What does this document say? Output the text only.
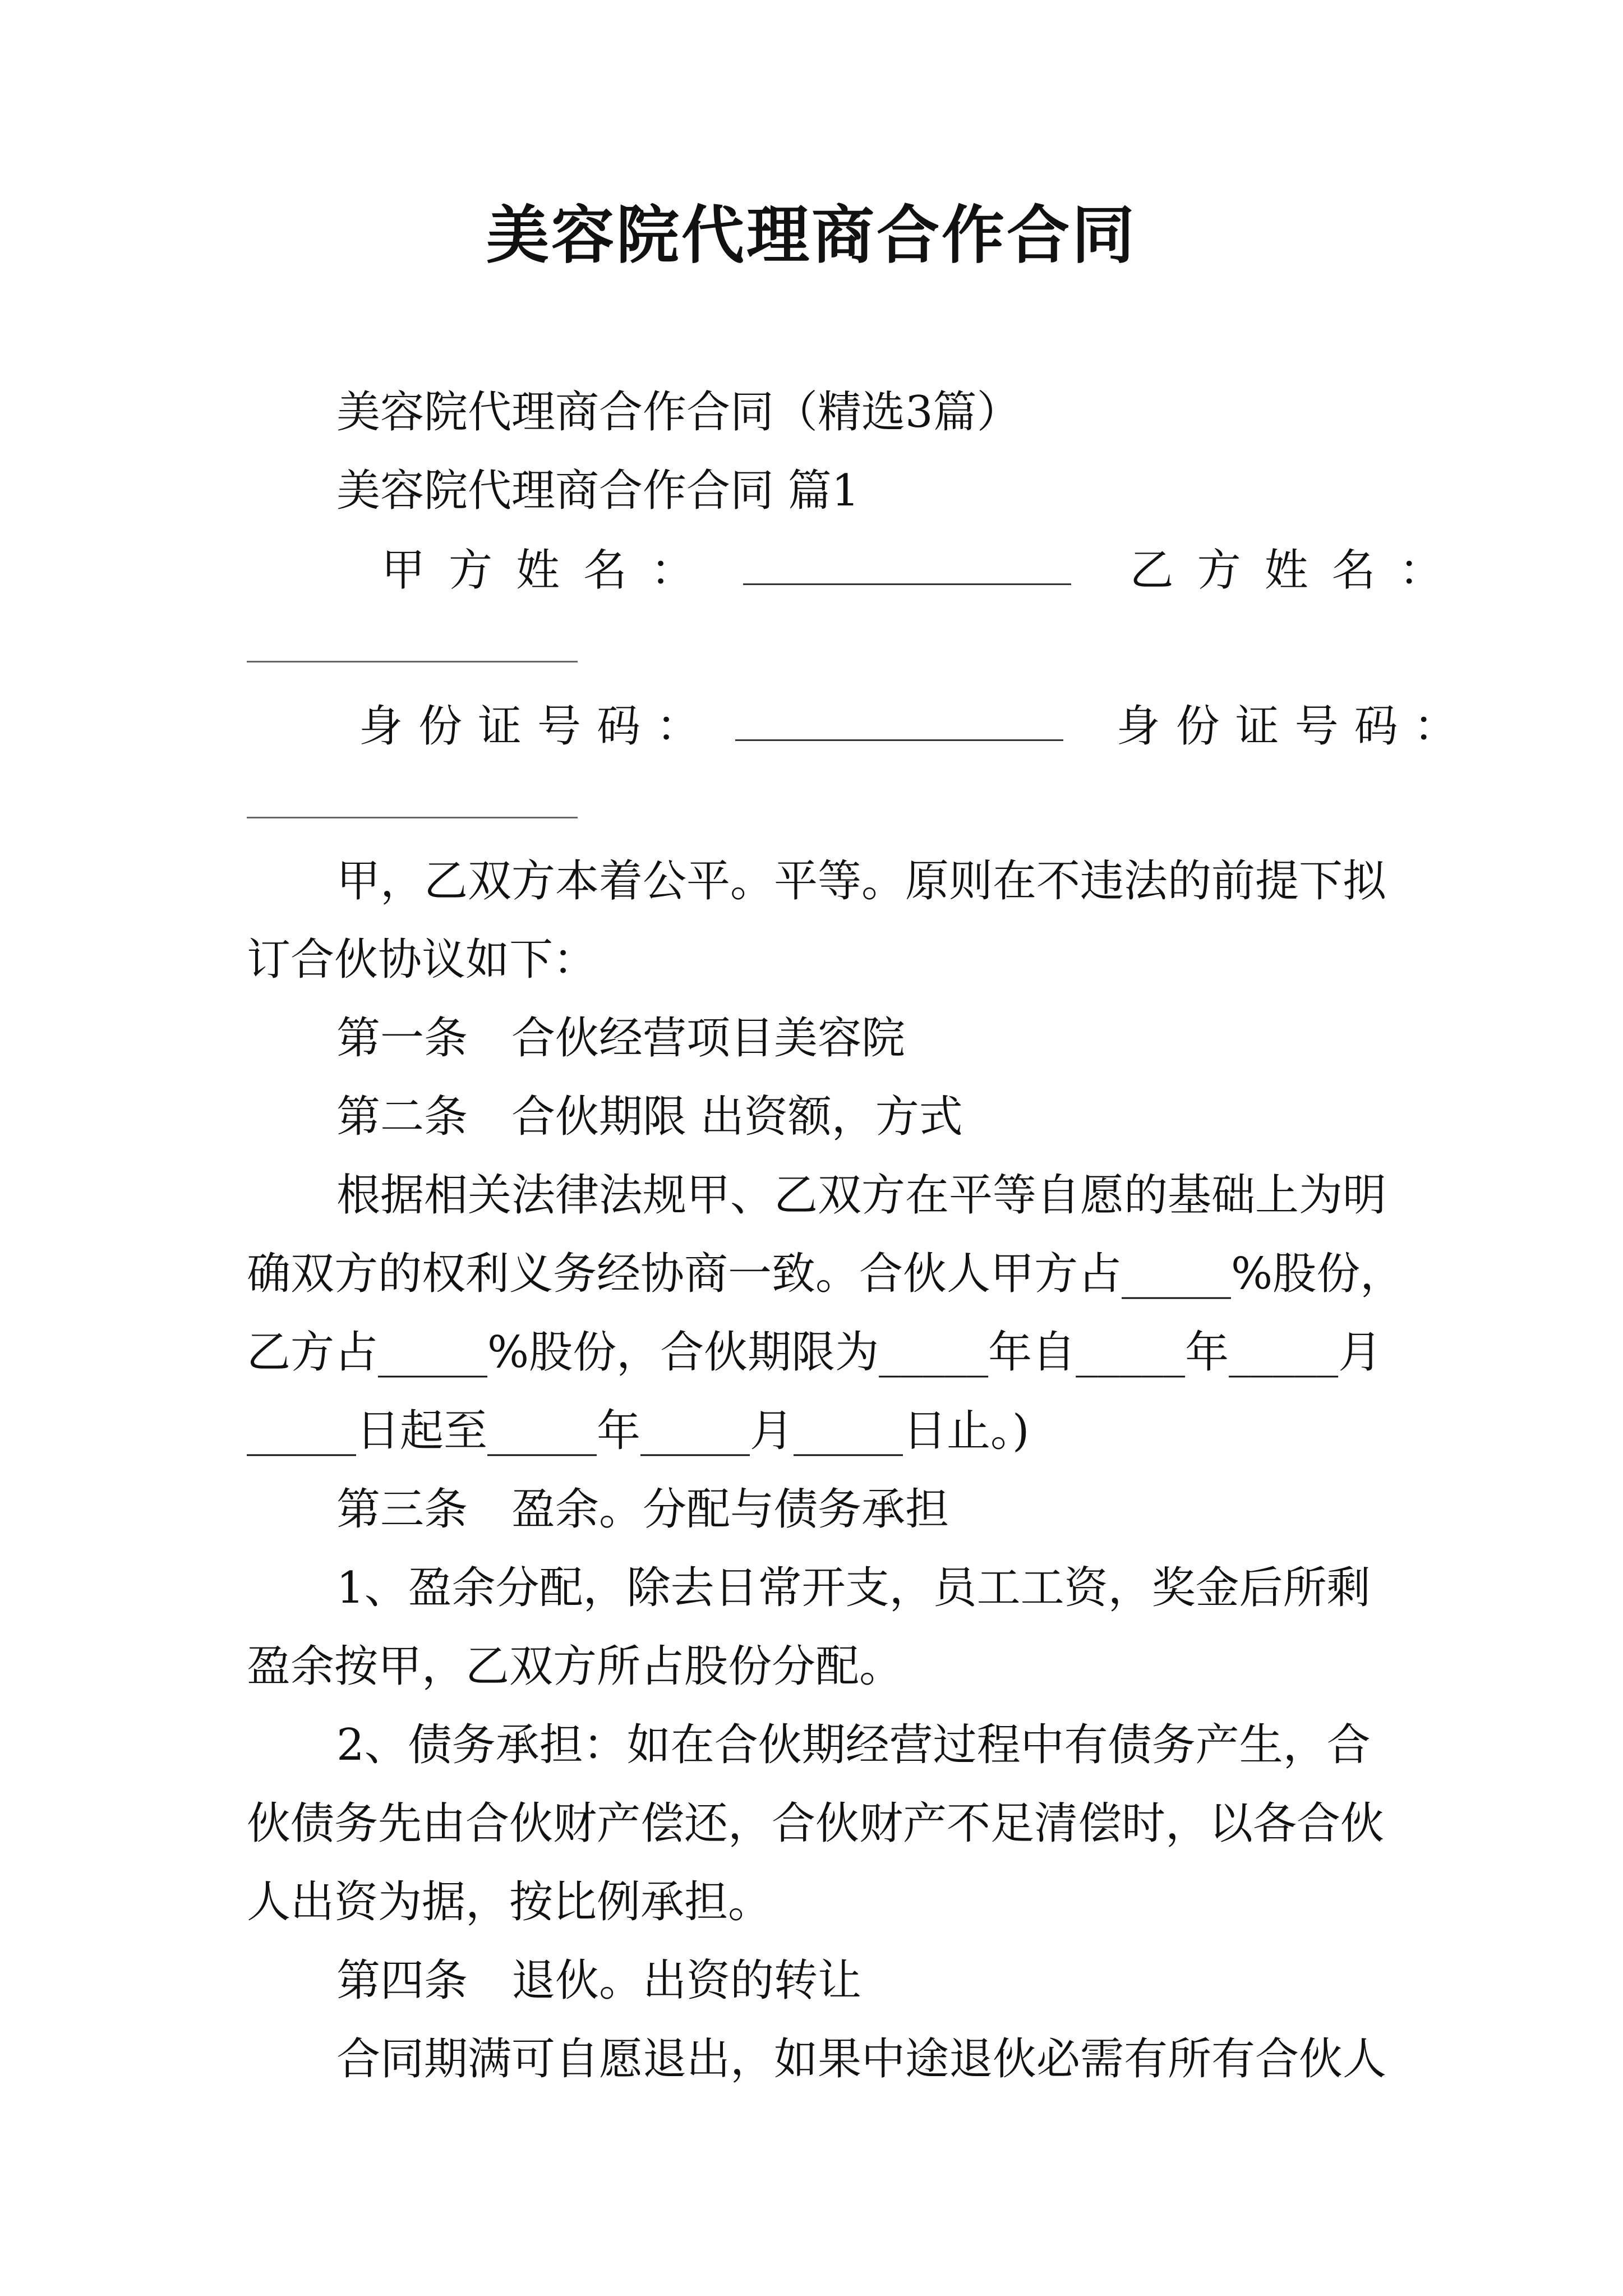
美容院代理商合作合同
美容院代理商合作合同（精选3篇）
美容院代理商合作合同 篇1
甲方姓名：	乙方姓名：
身份证号码：	身份证号码：
甲，乙双方本着公平。平等。原则在不违法的前提下拟
订合伙协议如下：
第一条　合伙经营项目美容院
第二条　合伙期限 出资额，方式
根据相关法律法规甲、乙双方在平等自愿的基础上为明
确双方的权利义务经协商一致。合伙人甲方占_____%股份，
乙方占_____%股份，合伙期限为_____年自_____年_____月
_____日起至_____年_____月_____日止。)
第三条　盈余。分配与债务承担
1、盈余分配，除去日常开支，员工工资，奖金后所剩
盈余按甲，乙双方所占股份分配。
2、债务承担：如在合伙期经营过程中有债务产生，合
伙债务先由合伙财产偿还，合伙财产不足清偿时，以各合伙
人出资为据，按比例承担。
第四条　退伙。出资的转让
合同期满可自愿退出，如果中途退伙必需有所有合伙人
